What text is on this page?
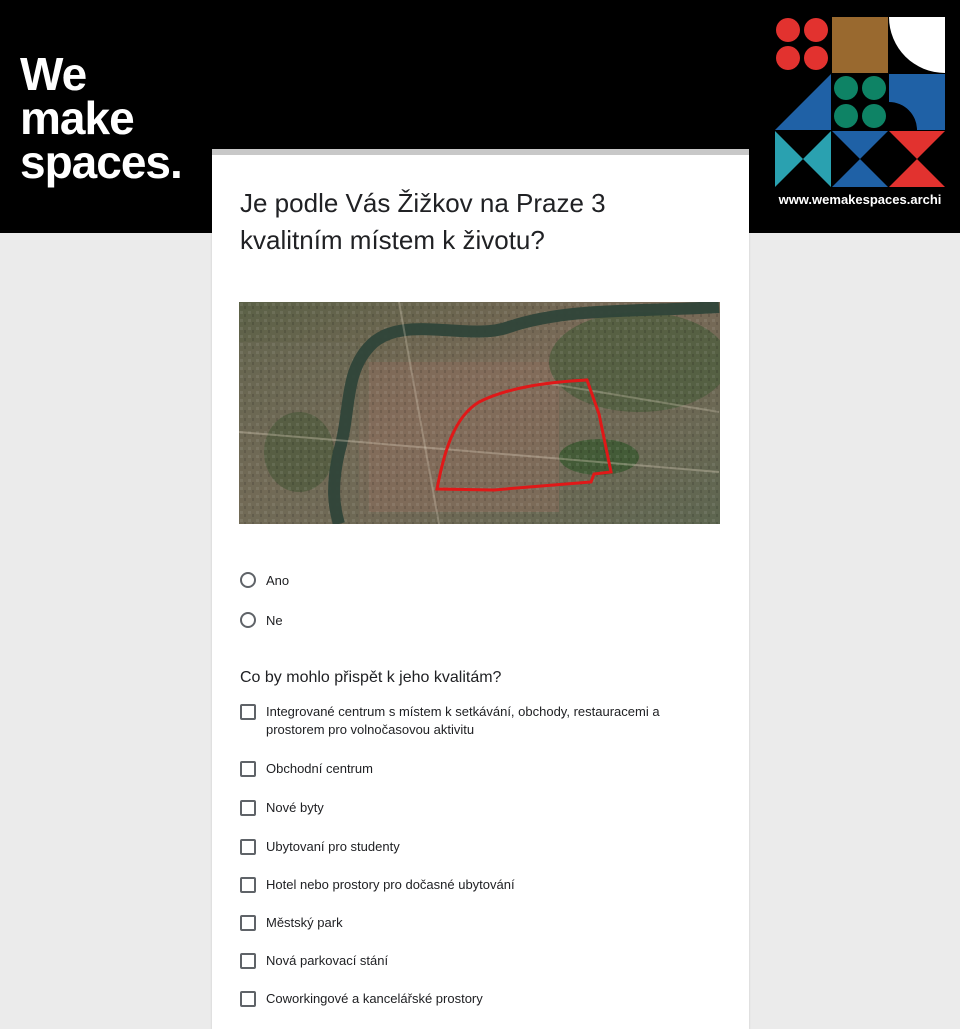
We
make
spaces.
www.wemakespaces.archi
Je podle Vás Žižkov na Praze 3 kvalitním místem k životu?
Ano
Ne
Co by mohlo přispět k jeho kvalitám?
Integrované centrum s místem k setkávání, obchody, restauracemi a prostorem pro volnočasovou aktivitu
Obchodní centrum
Nové byty
Ubytovaní pro studenty
Hotel nebo prostory pro dočasné ubytování
Městský park
Nová parkovací stání
Coworkingové a kancelářské prostory
